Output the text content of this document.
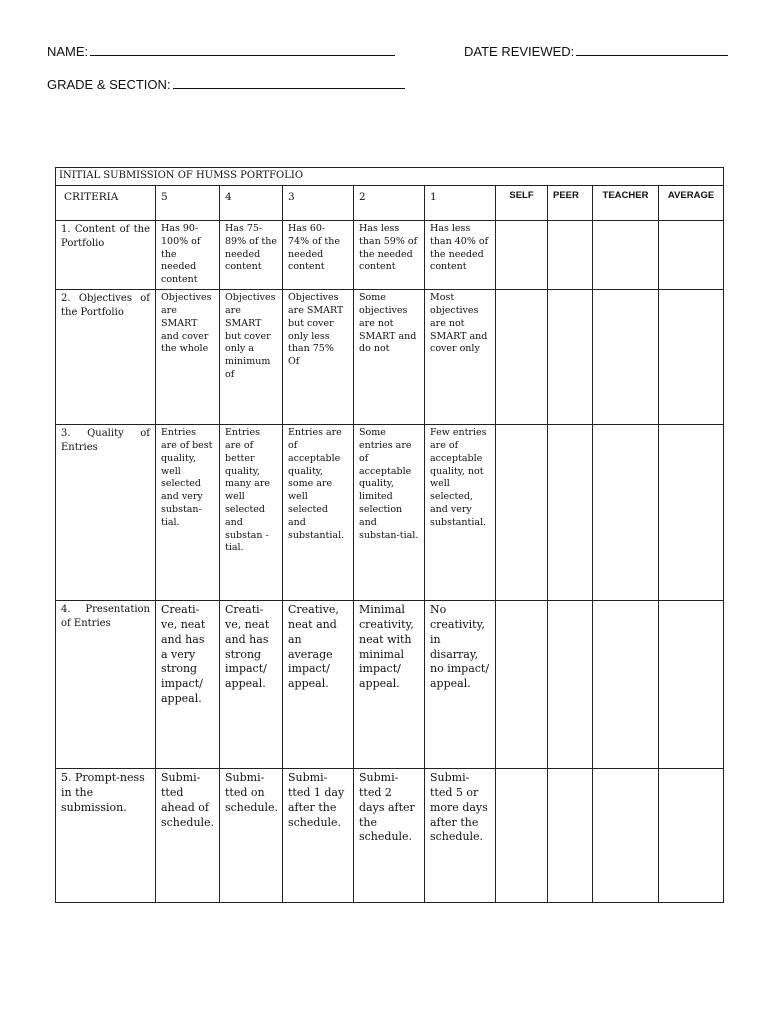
NAME:	DATE REVIEWED:
GRADE & SECTION:
INITIAL SUBMISSION OF HUMSS PORTFOLIO									
CRITERIA	5	4	3	2	1	SELF	PEER	TEACHER	AVERAGE
1. Content of the Portfolio	Has 90-100% of the needed content	Has 75-89% of the needed content	Has 60- 74% of the needed content	Has less than 59% of the needed content	Has less than 40% of the needed content				
2. Objectives of the Portfolio	Objectives are SMART and cover the whole	Objectives are SMART but cover only a minimum of	Objectives are SMART but cover only less than 75% Of	Some objectives are not SMART and do not	Most objectives are not SMART and cover only				
3. Quality of Entries	Entries are of best quality, well selected and very substan-tial.	Entries are of better quality, many are well selected and substan -tial.	Entries are of acceptable quality, some are well selected and substantial.	Some entries are of acceptable quality, limited selection and substan-tial.	Few entries are of acceptable quality, not well selected, and very substantial.				
4. Presentation of Entries	Creati-ve, neat and has a very strong impact/ appeal.	Creati-ve, neat and has strong impact/ appeal.	Creative, neat and an average impact/ appeal.	Minimal creativity, neat with minimal impact/ appeal.	No creativity, in disarray, no impact/ appeal.				
5. Prompt-ness in the submission.	Submi-tted ahead of schedule.	Submi-tted on schedule.	Submi-tted 1 day after the schedule.	Submi-tted 2 days after the schedule.	Submi-tted 5 or more days after the schedule.				
